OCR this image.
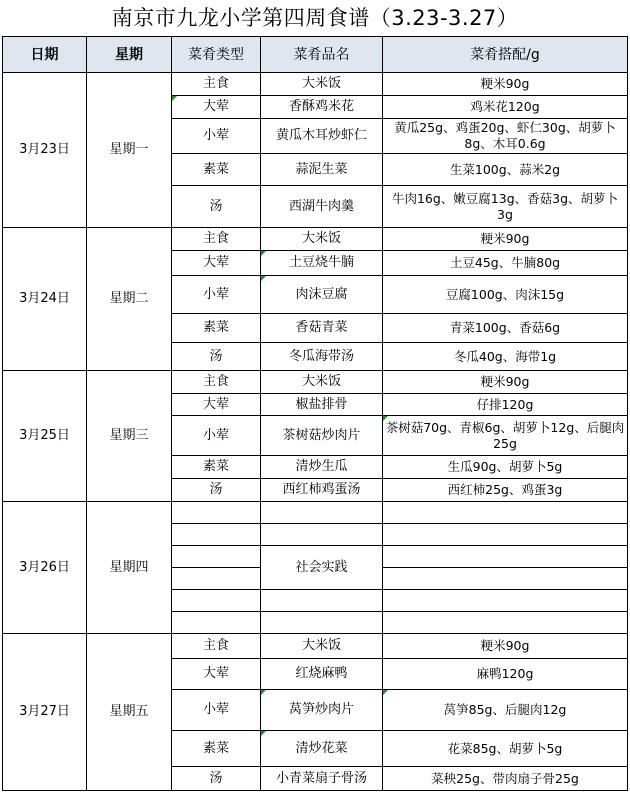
南京市九龙小学第四周食谱（3.23-3.27）
日期	星期	菜肴类型	菜肴品名	菜肴搭配/g
3月23日	星期一	主食	大米饭	粳米90g
		大荤	香酥鸡米花	鸡米花120g
		小荤	黄瓜木耳炒虾仁	黄瓜25g、鸡蛋20g、虾仁30g、胡萝卜8g、木耳0.6g
		素菜	蒜泥生菜	生菜100g、蒜米2g
		汤	西湖牛肉羹	牛肉16g、嫩豆腐13g、香菇3g、胡萝卜3g
3月24日	星期二	主食	大米饭	粳米90g
		大荤	土豆烧牛腩	土豆45g、牛腩80g
		小荤	肉沫豆腐	豆腐100g、肉沫15g
		素菜	香菇青菜	青菜100g、香菇6g
		汤	冬瓜海带汤	冬瓜40g、海带1g
3月25日	星期三	主食	大米饭	粳米90g
		大荤	椒盐排骨	仔排120g
		小荤	茶树菇炒肉片	茶树菇70g、青椒6g、胡萝卜12g、后腿肉25g
		素菜	清炒生瓜	生瓜90g、胡萝卜5g
		汤	西红柿鸡蛋汤	西红柿25g、鸡蛋3g
3月26日	星期四			

			社会实践	

3月27日	星期五	主食	大米饭	粳米90g
		大荤	红烧麻鸭	麻鸭120g
		小荤	莴笋炒肉片	莴笋85g、后腿肉12g
		素菜	清炒花菜	花菜85g、胡萝卜5g
		汤	小青菜扇子骨汤	菜秧25g、带肉扇子骨25g
